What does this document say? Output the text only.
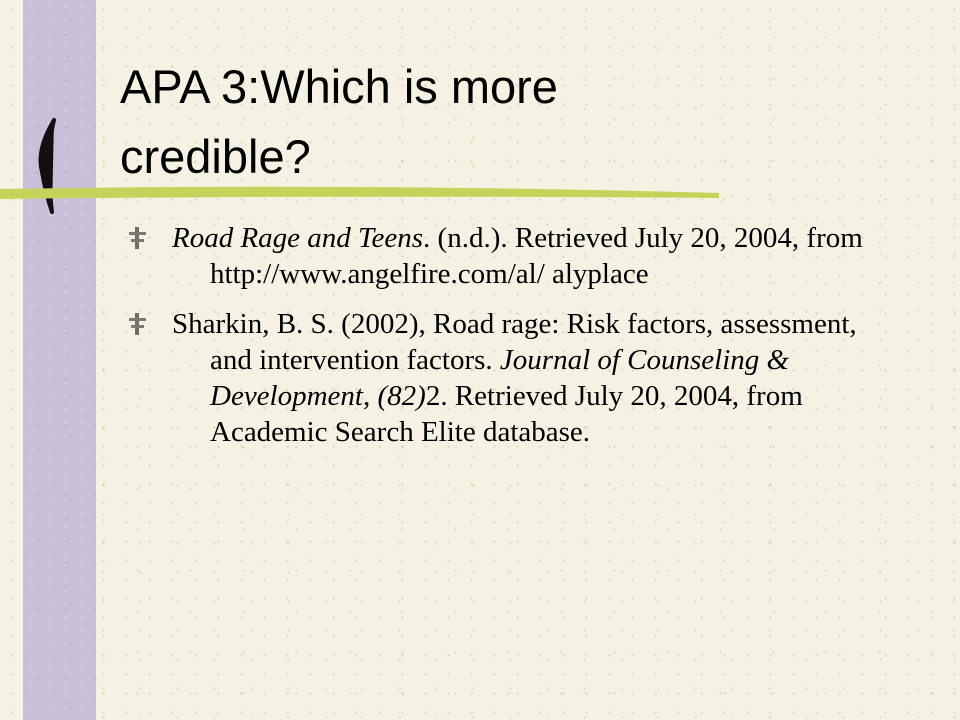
APA 3:Which is more
credible?
Road Rage and Teens. (n.d.). Retrieved July 20, 2004, from http://www.angelfire.com/al/ alyplace
Sharkin, B. S. (2002), Road rage: Risk factors, assessment, and intervention factors. Journal of Counseling & Development, (82)2. Retrieved July 20, 2004, from Academic Search Elite database.
